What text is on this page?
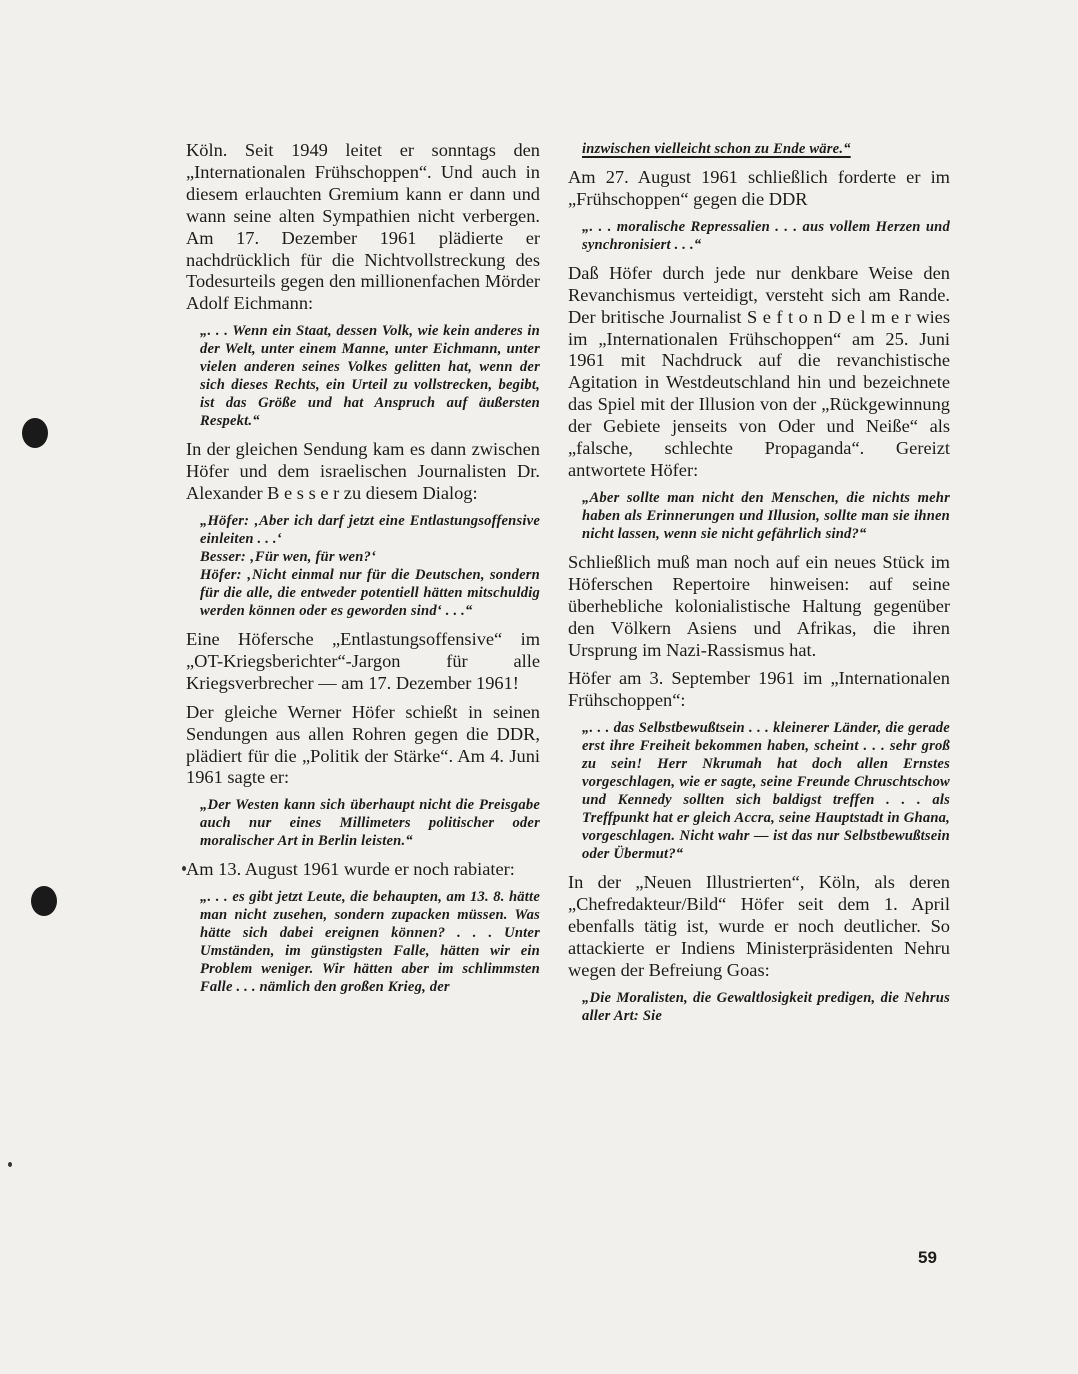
Köln. Seit 1949 leitet er sonntags den „Internationalen Frühschoppen“. Und auch in diesem erlauchten Gremium kann er dann und wann seine alten Sympathien nicht verbergen. Am 17. Dezember 1961 plädierte er nachdrücklich für die Nichtvollstreckung des Todesurteils gegen den millionenfachen Mörder Adolf Eichmann:

„. . . Wenn ein Staat, dessen Volk, wie kein anderes in der Welt, unter einem Manne, unter Eichmann, unter vielen anderen seines Volkes gelitten hat, wenn der sich dieses Rechts, ein Urteil zu vollstrecken, begibt, ist das Größe und hat Anspruch auf äußersten Respekt.“

In der gleichen Sendung kam es dann zwischen Höfer und dem israelischen Journalisten Dr. Alexander B e s s e r zu diesem Dialog:

„Höfer: ‚Aber ich darf jetzt eine Entlastungsoffensive einleiten . . .‘
Besser: ‚Für wen, für wen?‘
Höfer: ‚Nicht einmal nur für die Deutschen, sondern für die alle, die entweder potentiell hätten mitschuldig werden können oder es geworden sind‘ . . .“

Eine Höfersche „Entlastungsoffensive“ im „OT-Kriegsberichter“-Jargon für alle Kriegsverbrecher — am 17. Dezember 1961!

Der gleiche Werner Höfer schießt in seinen Sendungen aus allen Rohren gegen die DDR, plädiert für die „Politik der Stärke“. Am 4. Juni 1961 sagte er:

„Der Westen kann sich überhaupt nicht die Preisgabe auch nur eines Millimeters politischer oder moralischer Art in Berlin leisten.“

Am 13. August 1961 wurde er noch rabiater:

„. . . es gibt jetzt Leute, die behaupten, am 13. 8. hätte man nicht zusehen, sondern zupacken müssen. Was hätte sich dabei ereignen können? . . . Unter Umständen, im günstigsten Falle, hätten wir ein Problem weniger. Wir hätten aber im schlimmsten Falle . . . nämlich den großen Krieg, der

inzwischen vielleicht schon zu Ende wäre.“

Am 27. August 1961 schließlich forderte er im „Frühschoppen“ gegen die DDR

„. . . moralische Repressalien . . . aus vollem Herzen und synchronisiert . . .“

Daß Höfer durch jede nur denkbare Weise den Revanchismus verteidigt, versteht sich am Rande. Der britische Journalist S e f t o n D e l m e r wies im „Internationalen Frühschoppen“ am 25. Juni 1961 mit Nachdruck auf die revanchistische Agitation in Westdeutschland hin und bezeichnete das Spiel mit der Illusion von der „Rückgewinnung der Gebiete jenseits von Oder und Neiße“ als „falsche, schlechte Propaganda“. Gereizt antwortete Höfer:

„Aber sollte man nicht den Menschen, die nichts mehr haben als Erinnerungen und Illusion, sollte man sie ihnen nicht lassen, wenn sie nicht gefährlich sind?“

Schließlich muß man noch auf ein neues Stück im Höferschen Repertoire hinweisen: auf seine überhebliche kolonialistische Haltung gegenüber den Völkern Asiens und Afrikas, die ihren Ursprung im Nazi-Rassismus hat.

Höfer am 3. September 1961 im „Internationalen Frühschoppen“:

„. . . das Selbstbewußtsein . . . kleinerer Länder, die gerade erst ihre Freiheit bekommen haben, scheint . . . sehr groß zu sein! Herr Nkrumah hat doch allen Ernstes vorgeschlagen, wie er sagte, seine Freunde Chruschtschow und Kennedy sollten sich baldigst treffen . . . als Treffpunkt hat er gleich Accra, seine Hauptstadt in Ghana, vorgeschlagen. Nicht wahr — ist das nur Selbstbewußtsein oder Übermut?“

In der „Neuen Illustrierten“, Köln, als deren „Chefredakteur/Bild“ Höfer seit dem 1. April ebenfalls tätig ist, wurde er noch deutlicher. So attackierte er Indiens Ministerpräsidenten Nehru wegen der Befreiung Goas:

„Die Moralisten, die Gewaltlosigkeit predigen, die Nehrus aller Art: Sie

59
